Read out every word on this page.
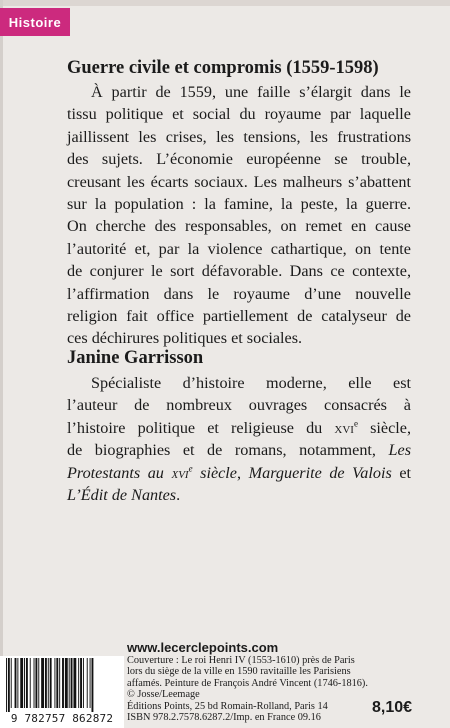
Histoire
Guerre civile et compromis (1559-1598)
À partir de 1559, une faille s’élargit dans le
tissu politique et social du royaume par laquelle
jaillissent les crises, les tensions, les frustrations
des sujets. L’économie européenne se trouble,
creusant les écarts sociaux. Les malheurs s’abattent
sur la population : la famine, la peste, la guerre.
On cherche des responsables, on remet en cause
l’autorité et, par la violence cathartique, on tente
de conjurer le sort défavorable. Dans ce contexte,
l’affirmation dans le royaume d’une nouvelle
religion fait office partiellement de catalyseur de
ces déchirures politiques et sociales.
Janine Garrisson
Spécialiste d’histoire moderne, elle est
l’auteur de nombreux ouvrages consacrés à
l’histoire politique et religieuse du xvi$^e$ siècle,
de biographies et de romans, notamment, Les
Protestants au xvi$^e$ siècle, Marguerite de Valois et
L’Édit de Nantes.
www.lecerclepoints.com
Couverture : Le roi Henri IV (1553-1610) près de Paris
lors du siège de la ville en 1590 ravitaille les Parisiens
affamés. Peinture de François André Vincent (1746-1816).
© Josse/Leemage
Éditions Points, 25 bd Romain-Rolland, Paris 14
ISBN 978.2.7578.6287.2/Imp. en France 09.16
8,10€
9 782757 862872
